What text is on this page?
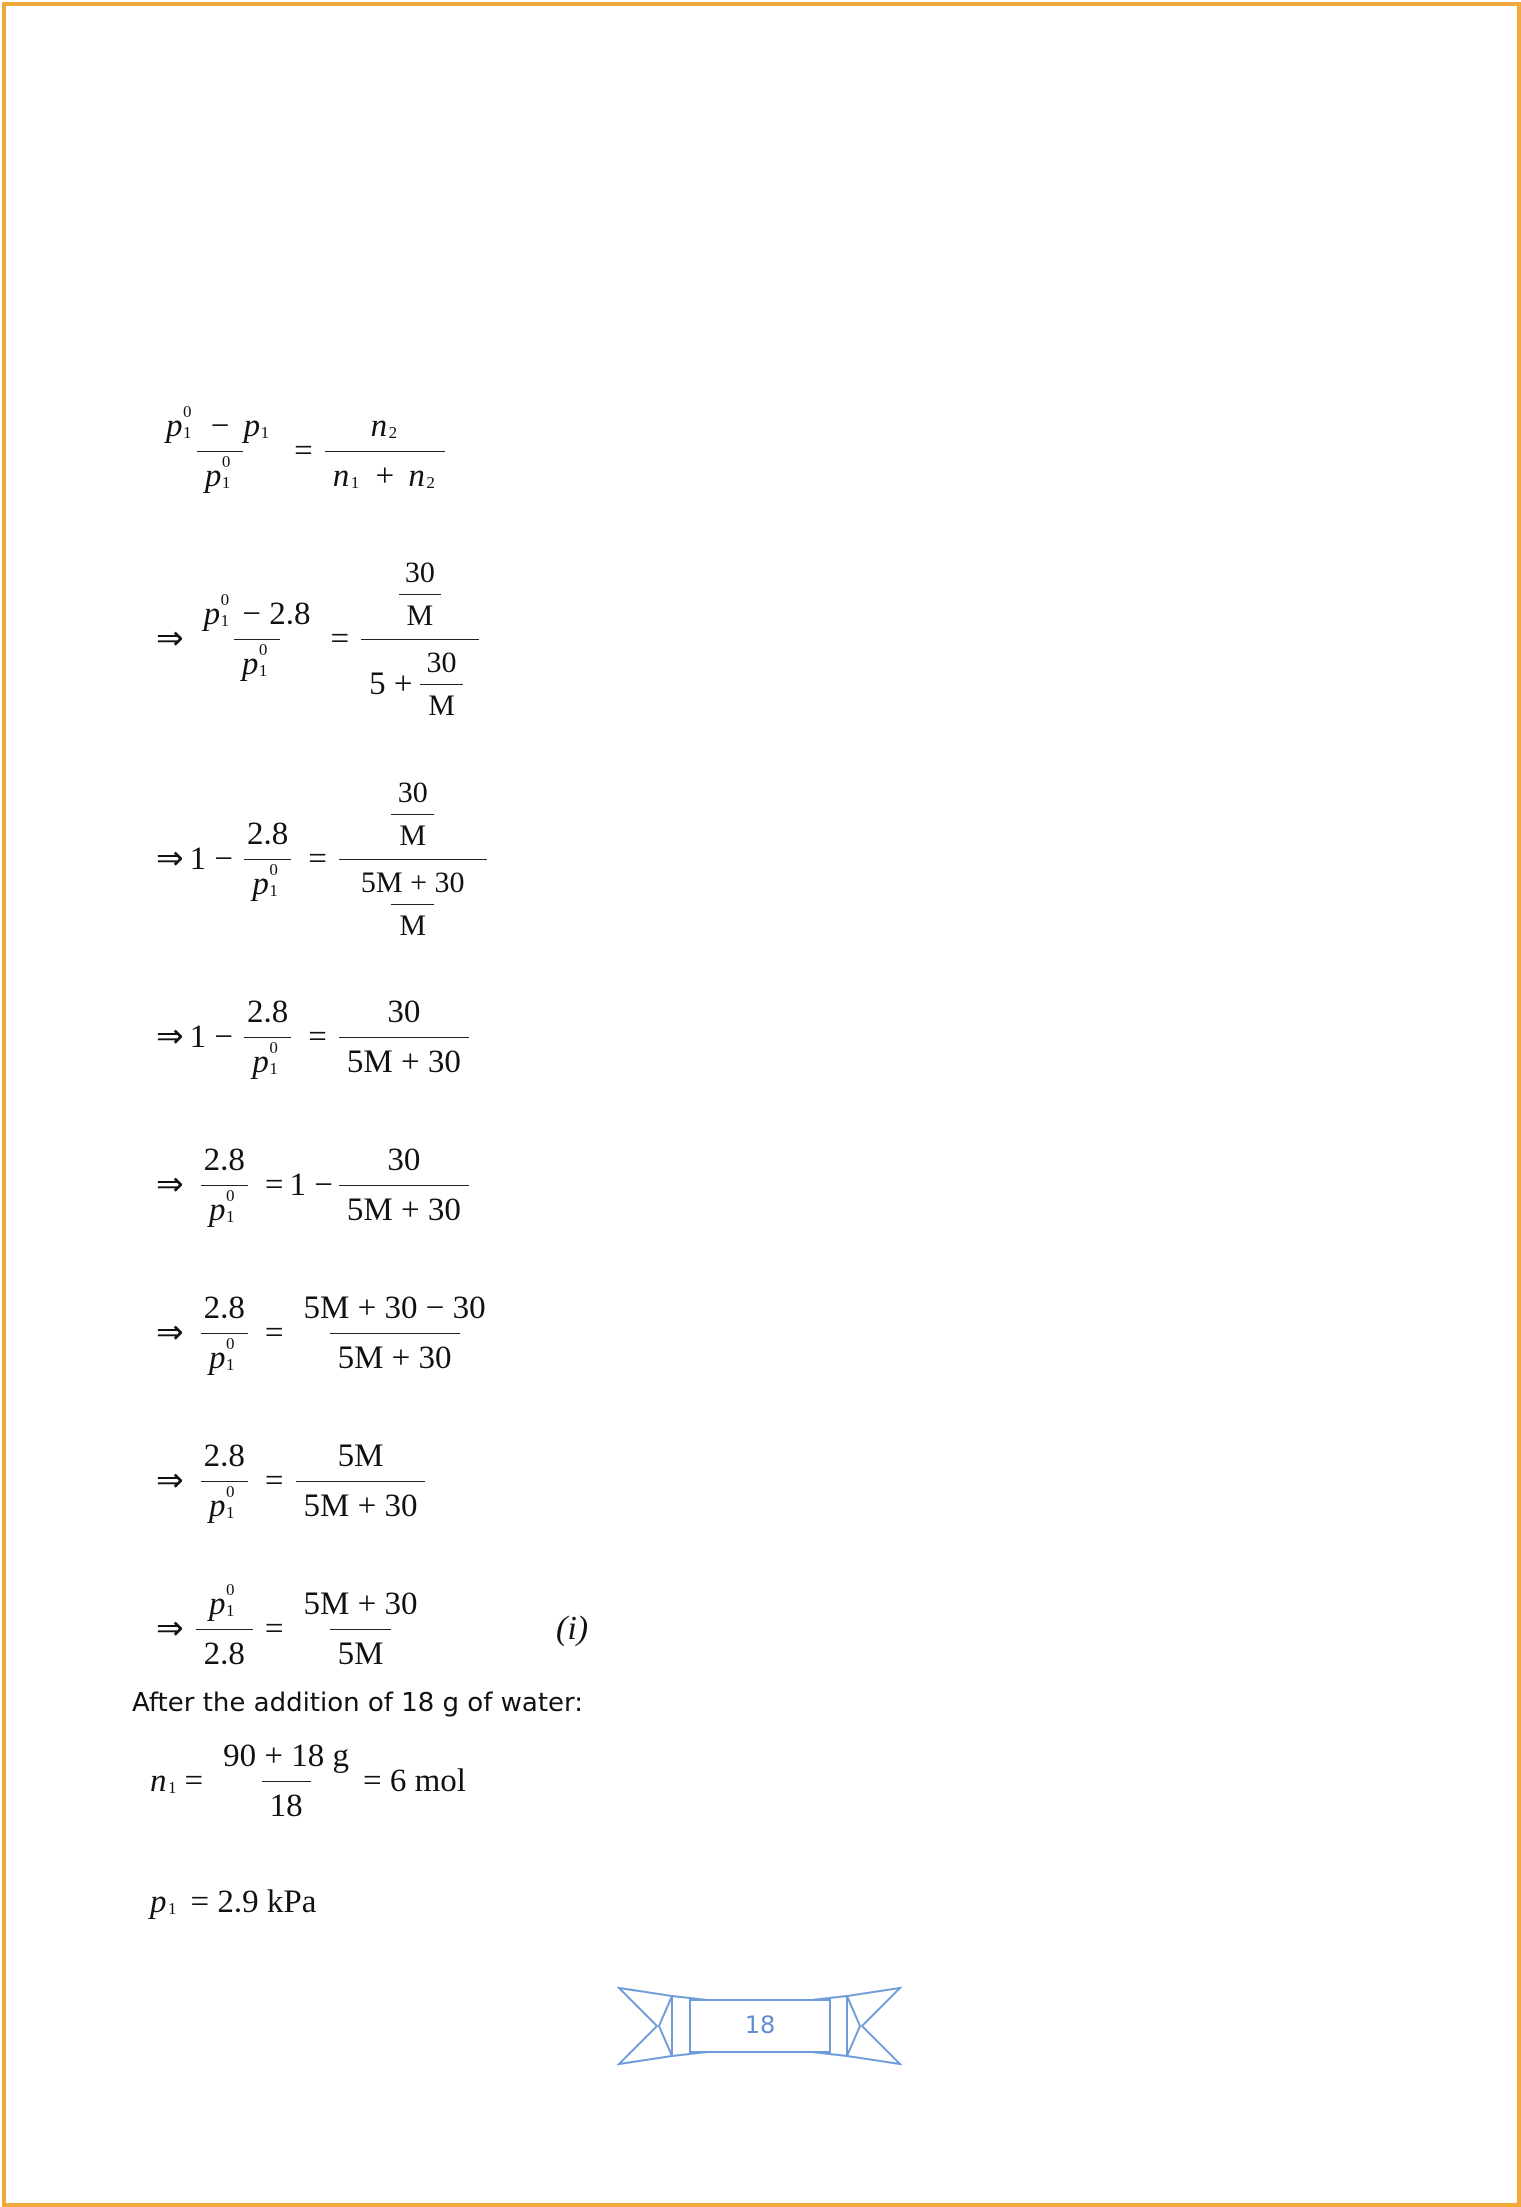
p 0
1 − p 1
p 0
$1 = \frac{n 2}{n 1 + n 2}$
⇒ p 0
1 − 2.8
p 0
$1 = \frac{\frac{30}{M}}{5 + \frac{30}{M}}$
⇒ 1 − 2.8
p 0
$1 = \frac{\frac{30}{M}}{\frac{5M + 30}{M}}$
⇒ 1 − 2.8
p 0
$1 = \frac{30}{5M + 30}$
⇒ 2.8
p 0
$1 = 1 - \frac{30}{5M + 30}$
⇒ 2.8
p 0
$1 = \frac{5M + 30 - 30}{5M + 30}$
⇒ 2.8
p 0
$1 = \frac{5M}{5M + 30}$
⇒ p 0
1
$2.8 = \frac{5M + 30}{5M}$	(i)
After the addition of 18 g of water:
n $1 = \frac{90 + 18 g}{18} = 6$ mol
p 1 = 2.9 kPa
18
